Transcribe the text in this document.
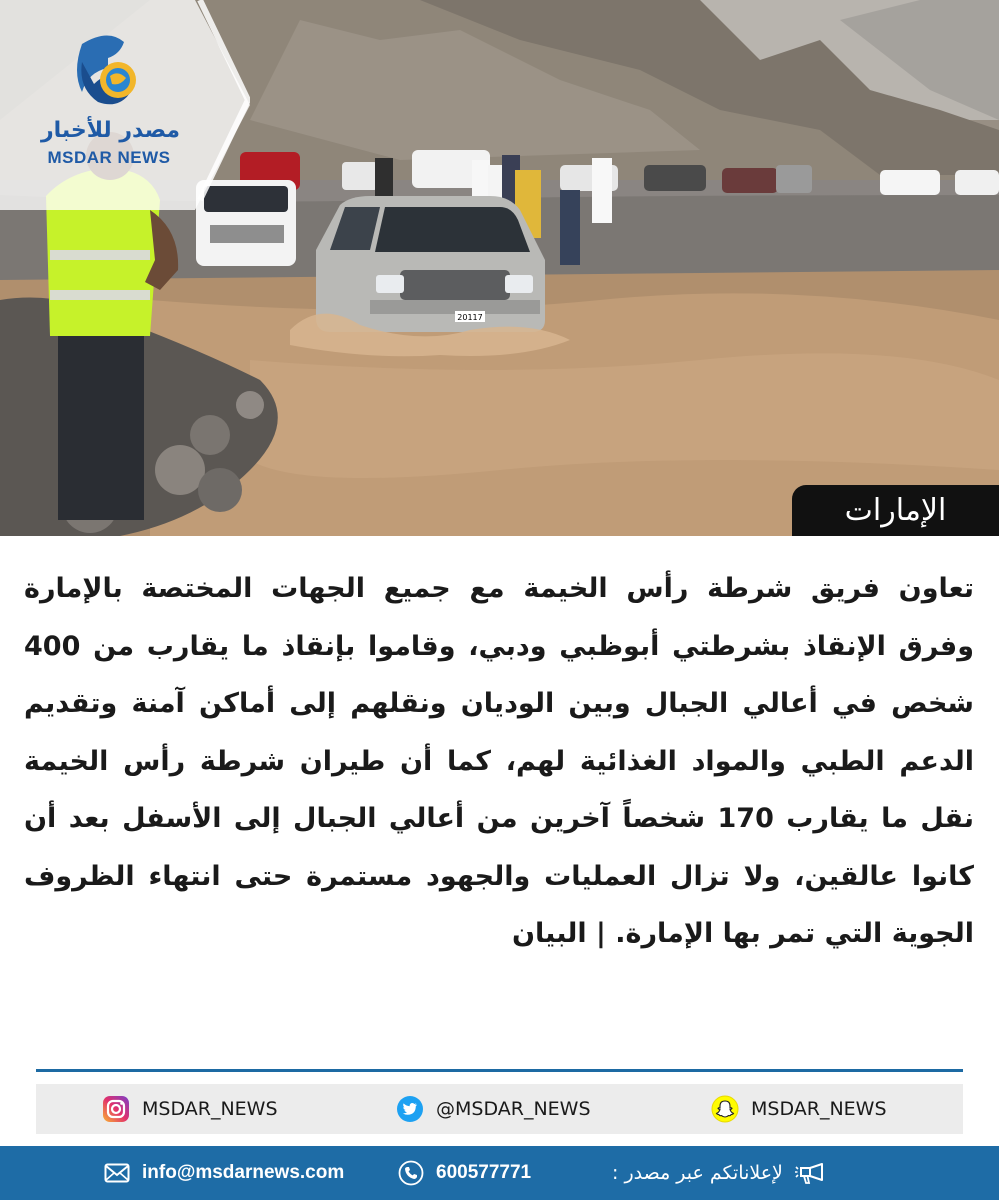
20117
مصدر للأخبار
MSDAR NEWS
الإمارات
تعاون فريق شرطة رأس الخيمة مع جميع الجهات المختصة بالإمارة وفرق الإنقاذ بشرطتي أبوظبي ودبي، وقاموا بإنقاذ ما يقارب من 400 شخص في أعالي الجبال وبين الوديان ونقلهم إلى أماكن آمنة وتقديم الدعم الطبي والمواد الغذائية لهم، كما أن طيران شرطة رأس الخيمة نقل ما يقارب 170 شخصاً آخرين من أعالي الجبال إلى الأسفل بعد أن كانوا عالقين، ولا تزال العمليات والجهود مستمرة حتى انتهاء الظروف الجوية التي تمر بها الإمارة. | البيان
MSDAR_NEWS	@MSDAR_NEWS	MSDAR_NEWS
info@msdarnews.com	600577771	لإعلاناتكم عبر مصدر :
